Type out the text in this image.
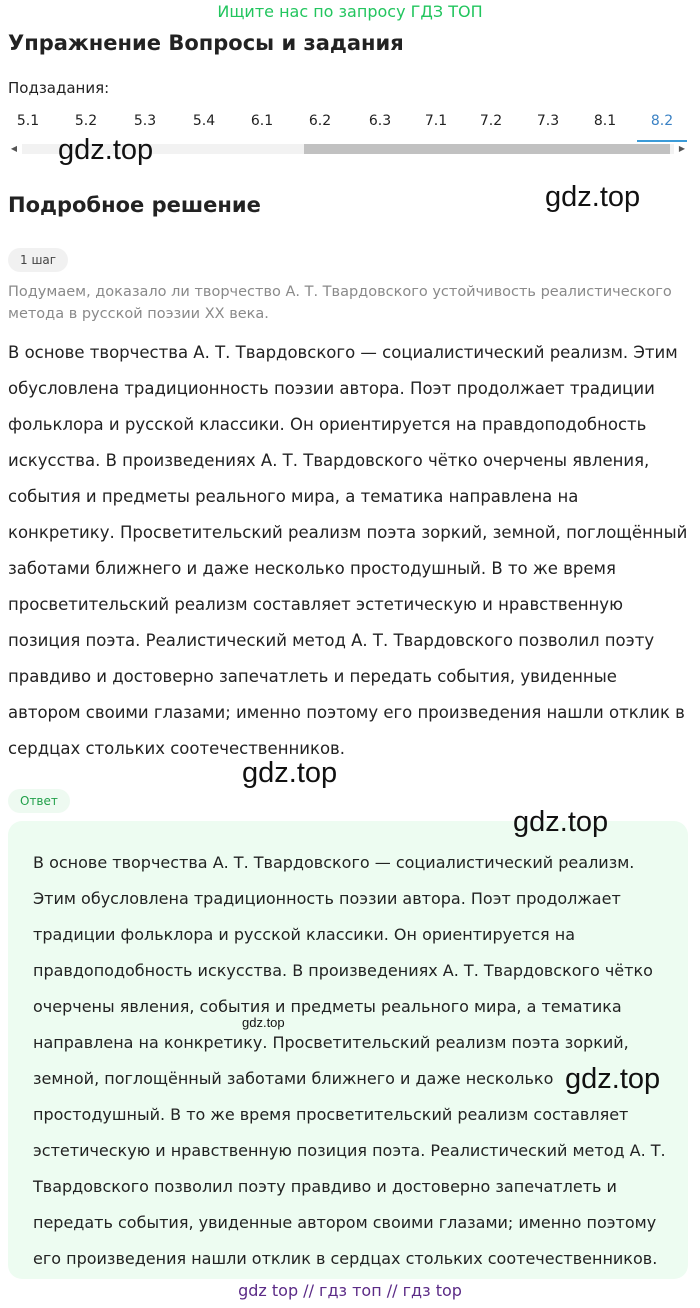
Ищите нас по запросу ГДЗ ТОП
Упражнение Вопросы и задания
Подзадания:
5.1	5.2	5.3	5.4	6.1	6.2	6.3	7.1	7.2	7.3	8.1	8.2
◀	▶
gdz.top
gdz.top
Подробное решение
1 шаг
Подумаем, доказало ли творчество А. Т. Твардовского устойчивость реалистического метода в русской поэзии XX века.
В основе творчества А. Т. Твардовского — социалистический реализм. Этим обусловлена традиционность поэзии автора. Поэт продолжает традиции фольклора и русской классики. Он ориентируется на правдоподобность искусства. В произведениях А. Т. Твардовского чётко очерчены явления, события и предметы реального мира, а тематика направлена на конкретику. Просветительский реализм поэта зоркий, земной, поглощённый заботами ближнего и даже несколько простодушный. В то же время просветительский реализм составляет эстетическую и нравственную позиция поэта. Реалистический метод А. Т. Твардовского позволил поэту правдиво и достоверно запечатлеть и передать события, увиденные автором своими глазами; именно поэтому его произведения нашли отклик в сердцах стольких соотечественников.
gdz.top
Ответ
В основе творчества А. Т. Твардовского — социалистический реализм. Этим обусловлена традиционность поэзии автора. Поэт продолжает традиции фольклора и русской классики. Он ориентируется на правдоподобность искусства. В произведениях А. Т. Твардовского чётко очерчены явления, события и предметы реального мира, а тематика направлена на конкретику. Просветительский реализм поэта зоркий, земной, поглощённый заботами ближнего и даже несколько простодушный. В то же время просветительский реализм составляет эстетическую и нравственную позиция поэта. Реалистический метод А. Т. Твардовского позволил поэту правдиво и достоверно запечатлеть и передать события, увиденные автором своими глазами; именно поэтому его произведения нашли отклик в сердцах стольких соотечественников.
gdz.top
gdz.top
gdz.top
gdz top // гдз топ // гдз top
